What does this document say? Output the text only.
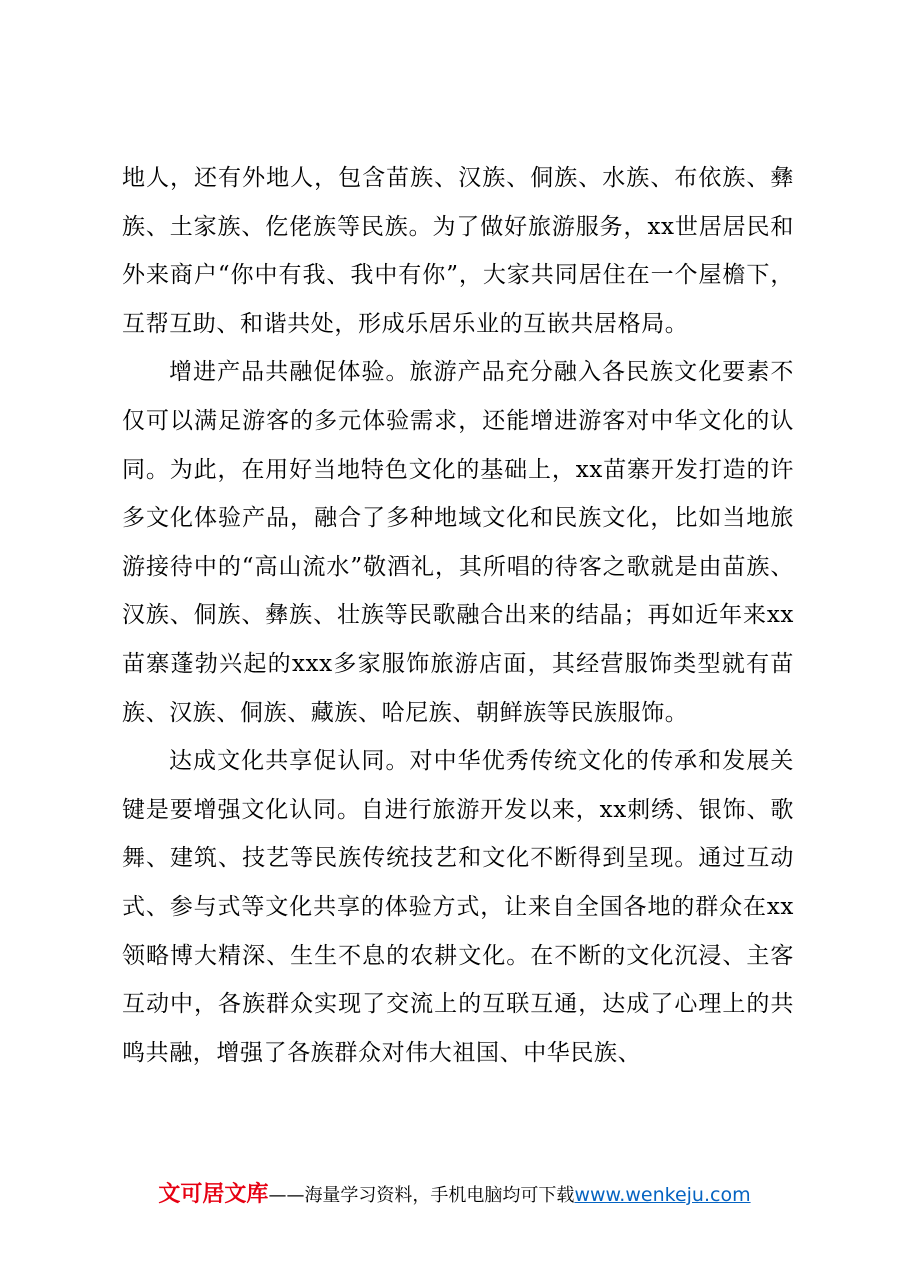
地人，还有外地人，包含苗族、汉族、侗族、水族、布依族、彝族、土家族、仡佬族等民族。为了做好旅游服务，xx世居居民和外来商户“你中有我、我中有你”，大家共同居住在一个屋檐下，互帮互助、和谐共处，形成乐居乐业的互嵌共居格局。

增进产品共融促体验。旅游产品充分融入各民族文化要素不仅可以满足游客的多元体验需求，还能增进游客对中华文化的认同。为此，在用好当地特色文化的基础上，xx苗寨开发打造的许多文化体验产品，融合了多种地域文化和民族文化，比如当地旅游接待中的“高山流水”敬酒礼，其所唱的待客之歌就是由苗族、汉族、侗族、彝族、壮族等民歌融合出来的结晶；再如近年来xx苗寨蓬勃兴起的xxx多家服饰旅游店面，其经营服饰类型就有苗族、汉族、侗族、藏族、哈尼族、朝鲜族等民族服饰。

达成文化共享促认同。对中华优秀传统文化的传承和发展关键是要增强文化认同。自进行旅游开发以来，xx刺绣、银饰、歌舞、建筑、技艺等民族传统技艺和文化不断得到呈现。通过互动式、参与式等文化共享的体验方式，让来自全国各地的群众在xx领略博大精深、生生不息的农耕文化。在不断的文化沉浸、主客互动中，各族群众实现了交流上的互联互通，达成了心理上的共鸣共融，增强了各族群众对伟大祖国、中华民族、

文可居文库——海量学习资料，手机电脑均可下载www.wenkeju.com
